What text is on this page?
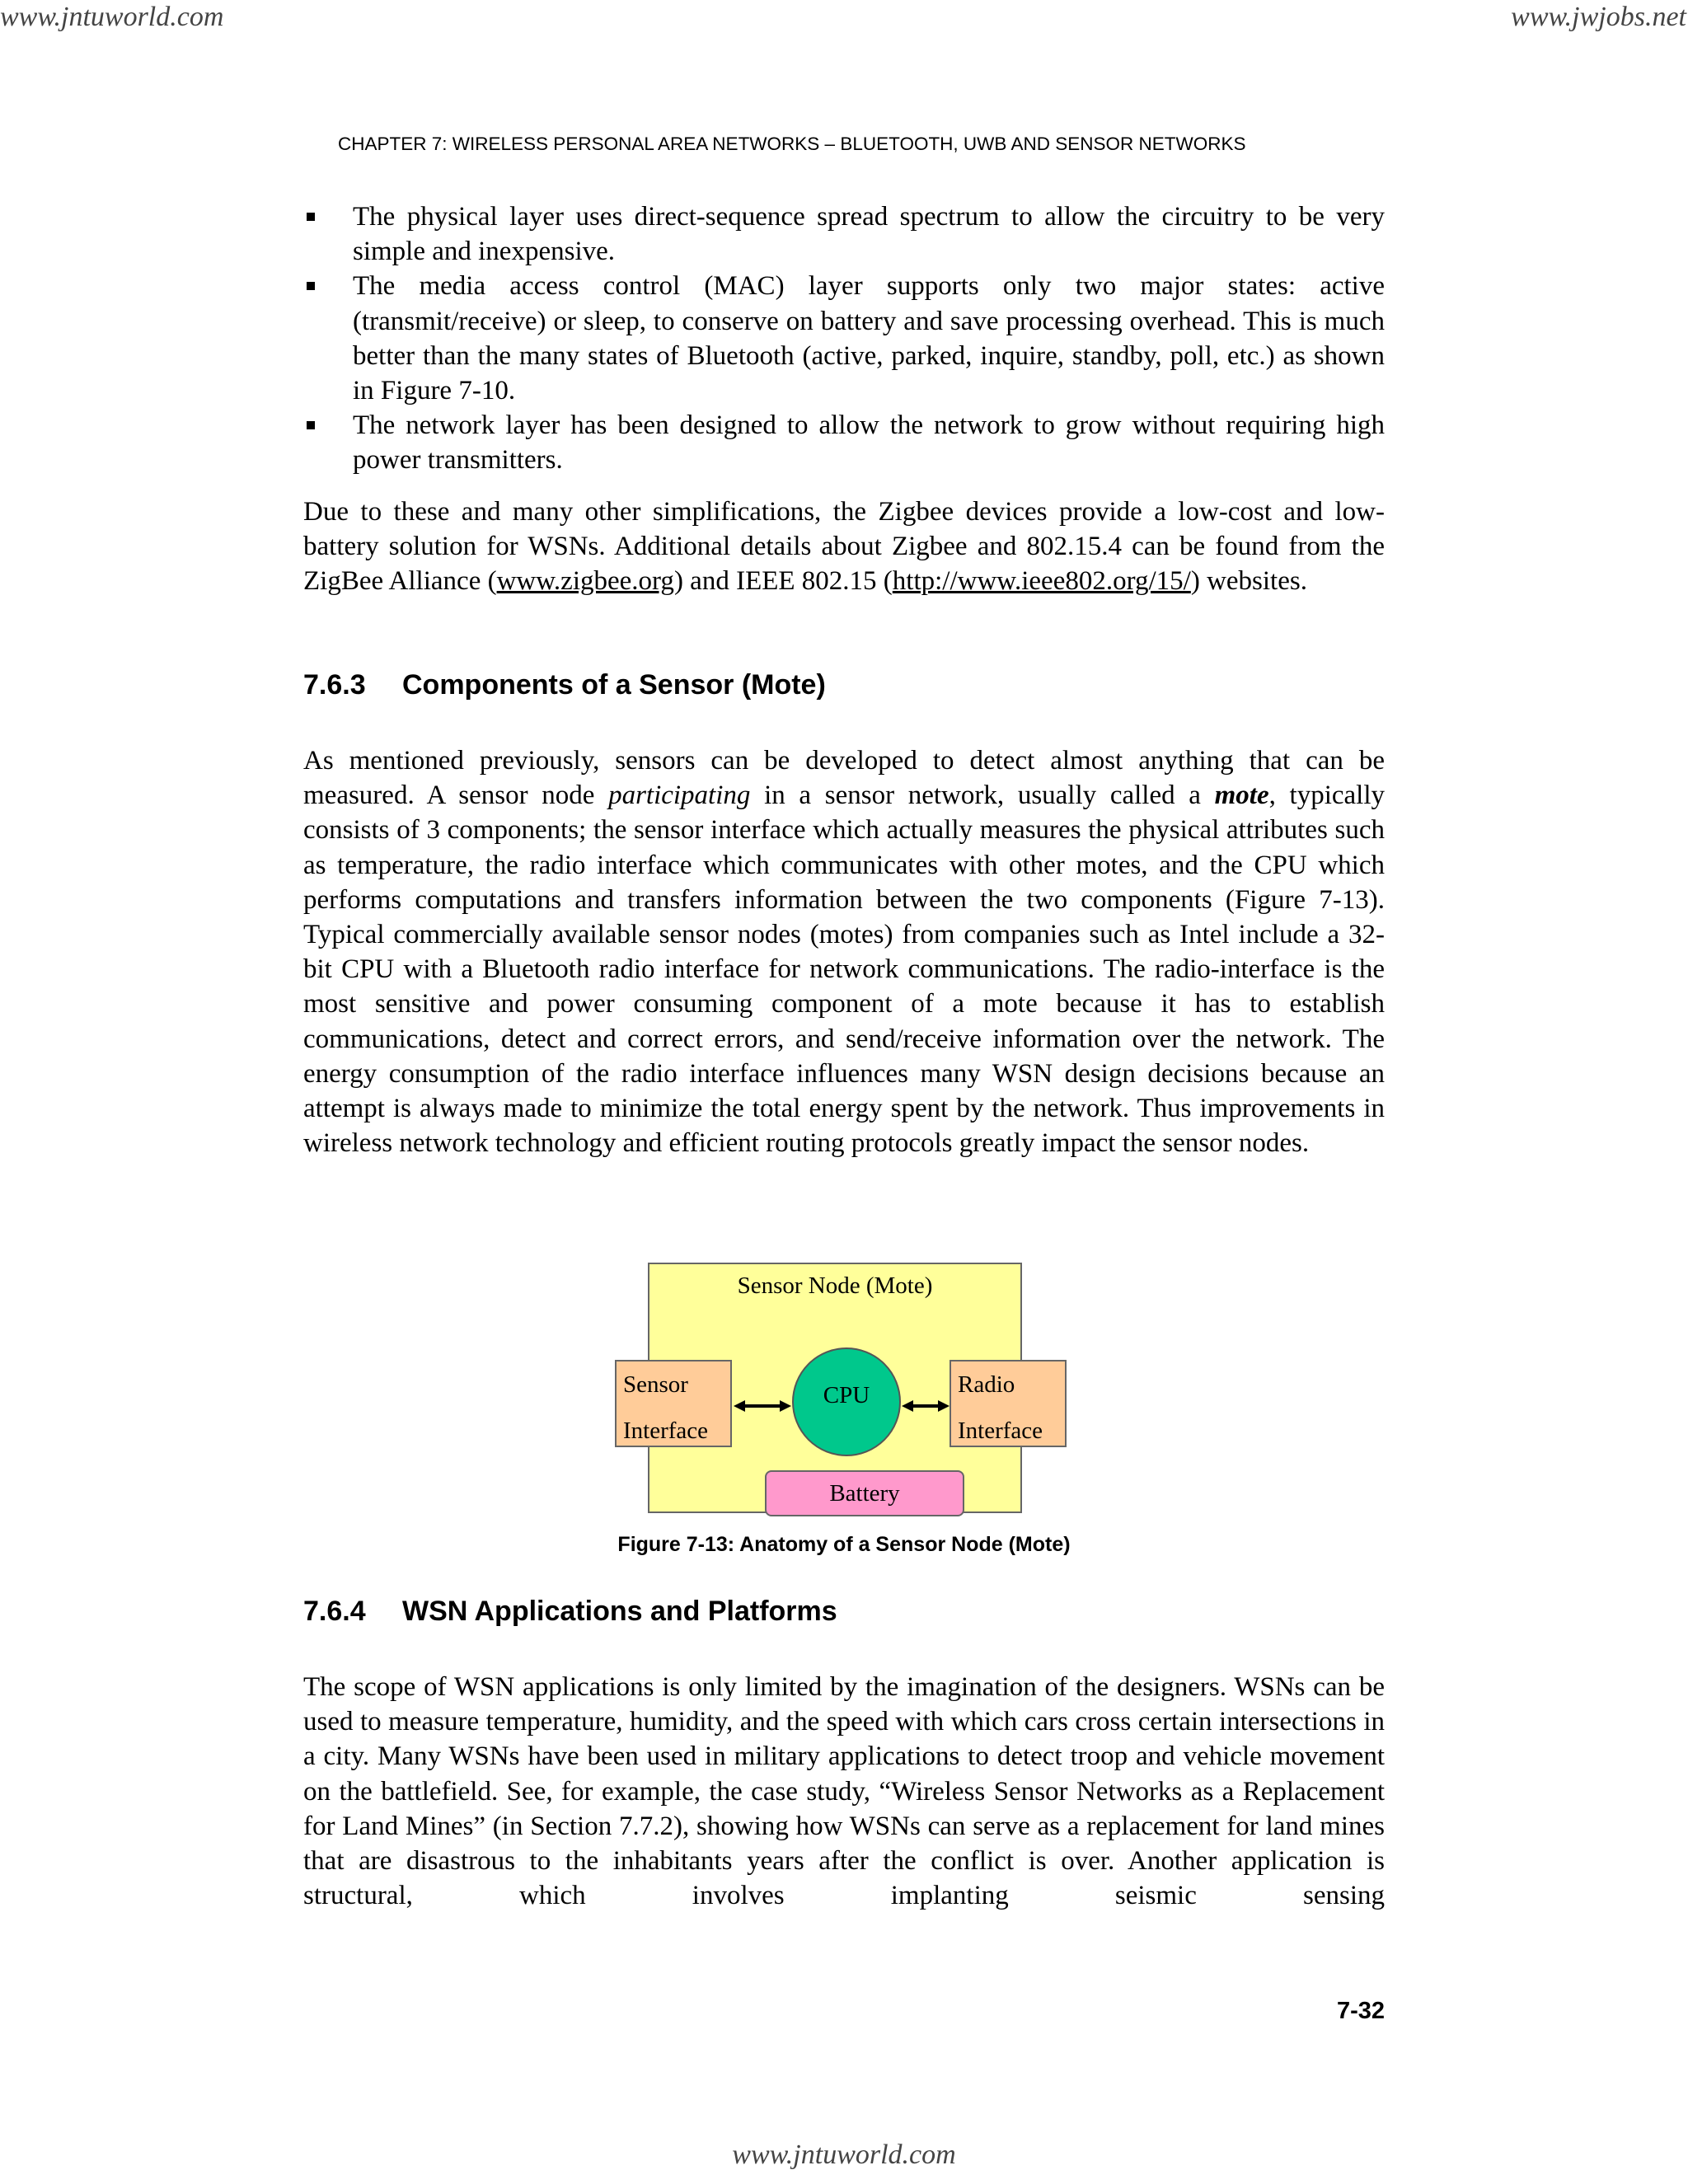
www.jntuworld.com	www.jwjobs.net
CHAPTER 7: WIRELESS PERSONAL AREA NETWORKS – BLUETOOTH, UWB AND SENSOR NETWORKS
The physical layer uses direct-sequence spread spectrum to allow the circuitry to be very simple and inexpensive.
The media access control (MAC) layer supports only two major states: active (transmit/receive) or sleep, to conserve on battery and save processing overhead. This is much better than the many states of Bluetooth (active, parked, inquire, standby, poll, etc.) as shown in Figure 7-10.
The network layer has been designed to allow the network to grow without requiring high power transmitters.

Due to these and many other simplifications, the Zigbee devices provide a low-cost and low-battery solution for WSNs. Additional details about Zigbee and 802.15.4 can be found from the ZigBee Alliance (www.zigbee.org) and IEEE 802.15 (http://www.ieee802.org/15/) websites.

7.6.3 Components of a Sensor (Mote)

As mentioned previously, sensors can be developed to detect almost anything that can be measured. A sensor node participating in a sensor network, usually called a mote, typically consists of 3 components; the sensor interface which actually measures the physical attributes such as temperature, the radio interface which communicates with other motes, and the CPU which performs computations and transfers information between the two components (Figure 7-13). Typical commercially available sensor nodes (motes) from companies such as Intel include a 32-bit CPU with a Bluetooth radio interface for network communications. The radio-interface is the most sensitive and power consuming component of a mote because it has to establish communications, detect and correct errors, and send/receive information over the network. The energy consumption of the radio interface influences many WSN design decisions because an attempt is always made to minimize the total energy spent by the network. Thus improvements in wireless network technology and efficient routing protocols greatly impact the sensor nodes.

Sensor Node (Mote)
Sensor
Interface
CPU	Radio
Interface
Battery
Figure 7-13: Anatomy of a Sensor Node (Mote)
7.6.4 WSN Applications and Platforms

The scope of WSN applications is only limited by the imagination of the designers. WSNs can be used to measure temperature, humidity, and the speed with which cars cross certain intersections in a city. Many WSNs have been used in military applications to detect troop and vehicle movement on the battlefield. See, for example, the case study, “Wireless Sensor Networks as a Replacement for Land Mines” (in Section 7.7.2), showing how WSNs can serve as a replacement for land mines that are disastrous to the inhabitants years after the conflict is over. Another application is structural, which involves implanting seismic sensing

7-32
www.jntuworld.com
